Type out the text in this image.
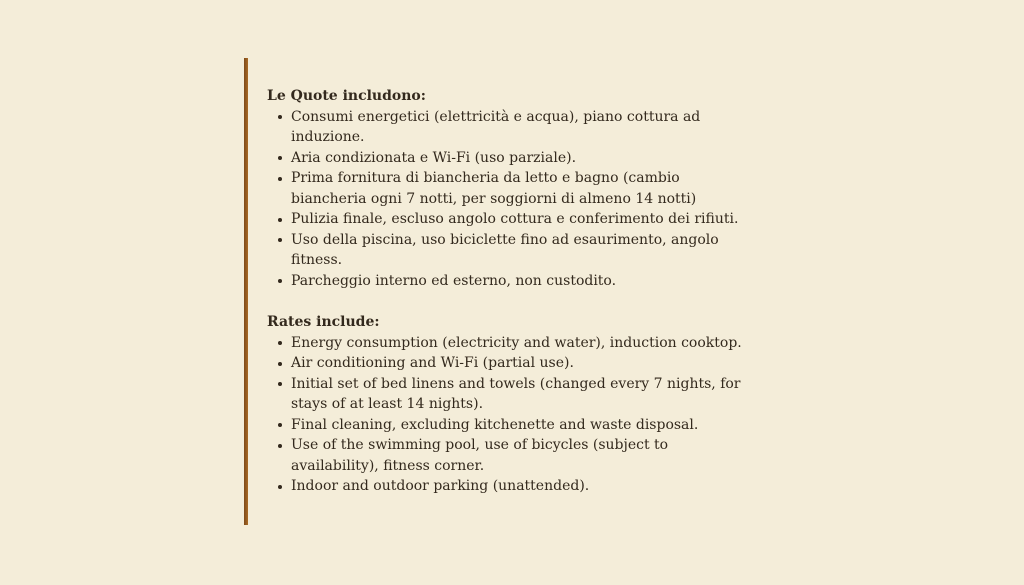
Le Quote includono:
Consumi energetici (elettricità e acqua), piano cottura ad induzione.
Aria condizionata e Wi-Fi (uso parziale).
Prima fornitura di biancheria da letto e bagno (cambio biancheria ogni 7 notti, per soggiorni di almeno 14 notti)
Pulizia finale, escluso angolo cottura e conferimento dei rifiuti.
Uso della piscina, uso biciclette fino ad esaurimento, angolo fitness.
Parcheggio interno ed esterno, non custodito.
Rates include:
Energy consumption (electricity and water), induction cooktop.
Air conditioning and Wi-Fi (partial use).
Initial set of bed linens and towels (changed every 7 nights, for stays of at least 14 nights).
Final cleaning, excluding kitchenette and waste disposal.
Use of the swimming pool, use of bicycles (subject to availability), fitness corner.
Indoor and outdoor parking (unattended).
